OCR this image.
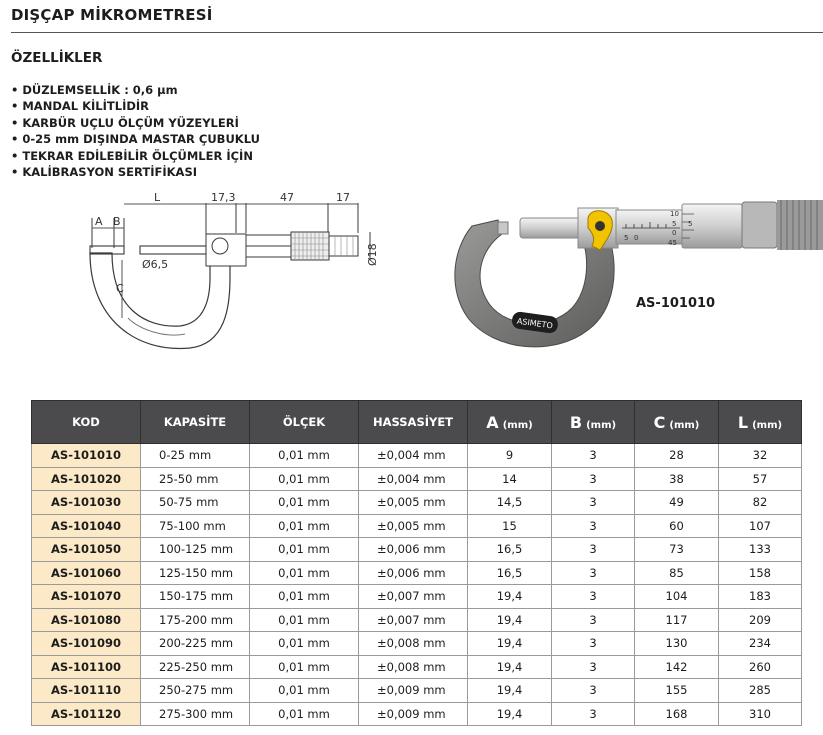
DIŞÇAP MİKROMETRESİ
ÖZELLİKLER
• DÜZLEMSELLİK : 0,6 µm
• MANDAL KİLİTLİDİR
• KARBÜR UÇLU ÖLÇÜM YÜZEYLERİ
• 0-25 mm DIŞINDA MASTAR ÇUBUKLU
• TEKRAR EDİLEBİLİR ÖLÇÜMLER İÇİN
• KALİBRASYON SERTİFİKASI
A B
L	17,3	47	17
Ø6,5
C
Ø18
10
5
0
45
5 0
5
ASIMETO
AS-101010
KOD	KAPASİTE	ÖLÇEK	HASSASİYET	A (mm)	B (mm)	C (mm)	L (mm)
AS-101010	0-25 mm	0,01 mm	±0,004 mm	9	3	28	32
AS-101020	25-50 mm	0,01 mm	±0,004 mm	14	3	38	57
AS-101030	50-75 mm	0,01 mm	±0,005 mm	14,5	3	49	82
AS-101040	75-100 mm	0,01 mm	±0,005 mm	15	3	60	107
AS-101050	100-125 mm	0,01 mm	±0,006 mm	16,5	3	73	133
AS-101060	125-150 mm	0,01 mm	±0,006 mm	16,5	3	85	158
AS-101070	150-175 mm	0,01 mm	±0,007 mm	19,4	3	104	183
AS-101080	175-200 mm	0,01 mm	±0,007 mm	19,4	3	117	209
AS-101090	200-225 mm	0,01 mm	±0,008 mm	19,4	3	130	234
AS-101100	225-250 mm	0,01 mm	±0,008 mm	19,4	3	142	260
AS-101110	250-275 mm	0,01 mm	±0,009 mm	19,4	3	155	285
AS-101120	275-300 mm	0,01 mm	±0,009 mm	19,4	3	168	310
